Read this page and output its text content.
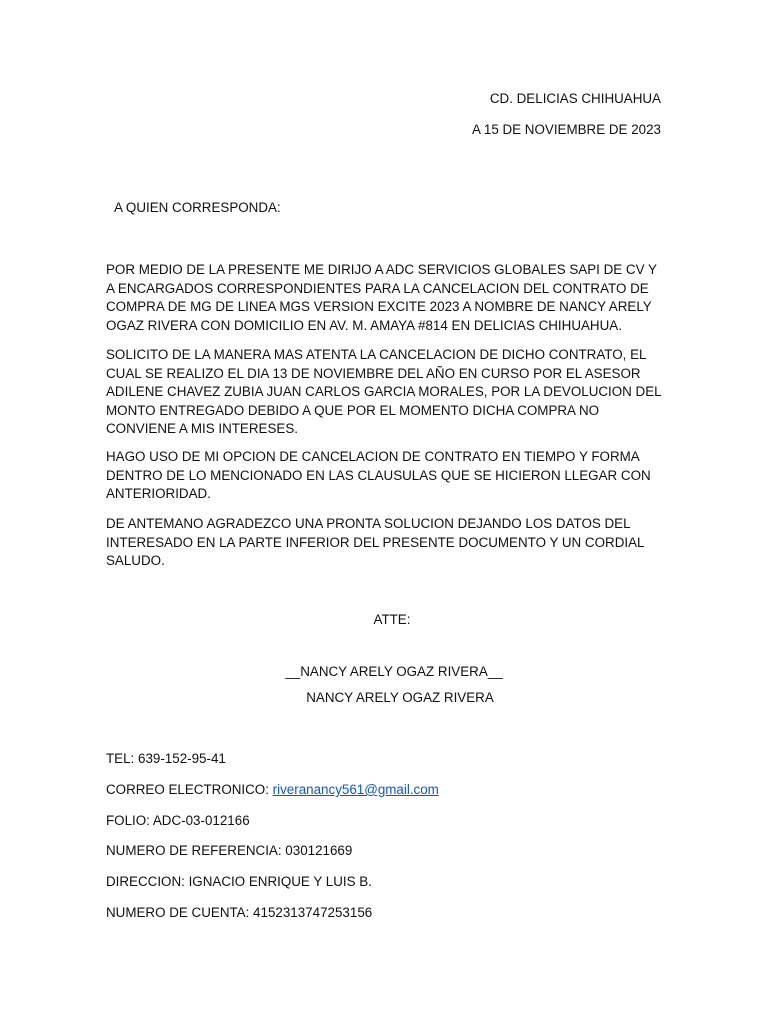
CD. DELICIAS CHIHUAHUA
A 15 DE NOVIEMBRE DE 2023
A QUIEN CORRESPONDA:

POR MEDIO DE LA PRESENTE ME DIRIJO A ADC SERVICIOS GLOBALES SAPI DE CV Y A ENCARGADOS CORRESPONDIENTES PARA LA CANCELACION DEL CONTRATO DE COMPRA DE MG DE LINEA MGS VERSION EXCITE 2023 A NOMBRE DE NANCY ARELY OGAZ RIVERA CON DOMICILIO EN AV. M. AMAYA #814 EN DELICIAS CHIHUAHUA.

SOLICITO DE LA MANERA MAS ATENTA LA CANCELACION DE DICHO CONTRATO, EL CUAL SE REALIZO EL DIA 13 DE NOVIEMBRE DEL AÑO EN CURSO POR EL ASESOR ADILENE CHAVEZ ZUBIA JUAN CARLOS GARCIA MORALES, POR LA DEVOLUCION DEL MONTO ENTREGADO DEBIDO A QUE POR EL MOMENTO DICHA COMPRA NO CONVIENE A MIS INTERESES.

HAGO USO DE MI OPCION DE CANCELACION DE CONTRATO EN TIEMPO Y FORMA DENTRO DE LO MENCIONADO EN LAS CLAUSULAS QUE SE HICIERON LLEGAR CON ANTERIORIDAD.

DE ANTEMANO AGRADEZCO UNA PRONTA SOLUCION DEJANDO LOS DATOS DEL INTERESADO EN LA PARTE INFERIOR DEL PRESENTE DOCUMENTO Y UN CORDIAL SALUDO.

ATTE:
__NANCY ARELY OGAZ RIVERA__
NANCY ARELY OGAZ RIVERA
TEL: 639-152-95-41
CORREO ELECTRONICO: riveranancy561@gmail.com
FOLIO: ADC-03-012166
NUMERO DE REFERENCIA: 030121669
DIRECCION: IGNACIO ENRIQUE Y LUIS B.
NUMERO DE CUENTA: 4152313747253156
